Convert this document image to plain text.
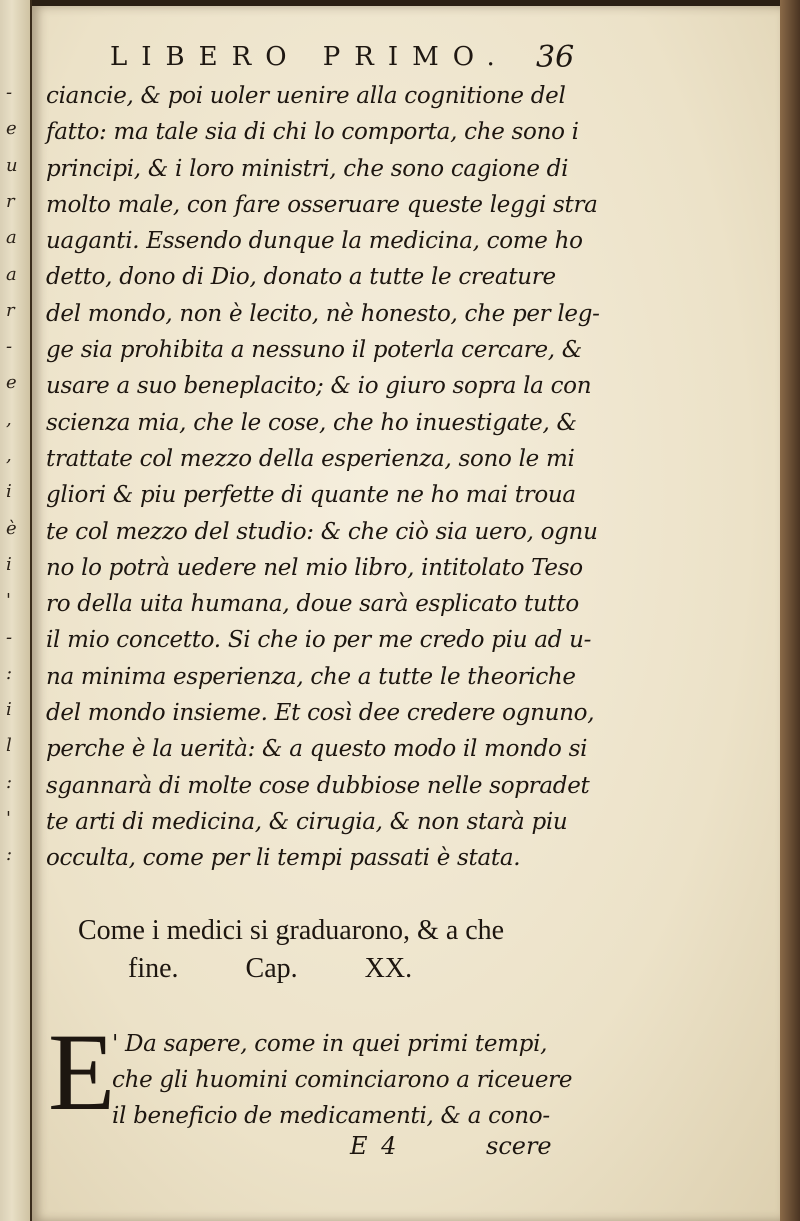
-
e
u
r
a
a
r
-
e
,
,
i
è
i
'
-
:
i
l
:
'
:
LIBERO PRIMO. 36
ciancie, & poi uoler uenire alla cognitione del
fatto: ma tale sia di chi lo comporta, che sono i
principi, & i loro ministri, che sono cagione di
molto male, con fare osseruare queste leggi stra
uaganti. Essendo dunque la medicina, come ho
detto, dono di Dio, donato a tutte le creature
del mondo, non è lecito, nè honesto, che per leg-
ge sia prohibita a nessuno il poterla cercare, &
usare a suo beneplacito; & io giuro sopra la con
scienza mia, che le cose, che ho inuestigate, &
trattate col mezzo della esperienza, sono le mi
gliori & piu perfette di quante ne ho mai troua
te col mezzo del studio: & che ciò sia uero, ognu
no lo potrà uedere nel mio libro, intitolato Teso
ro della uita humana, doue sarà esplicato tutto
il mio concetto. Si che io per me credo piu ad u-
na minima esperienza, che a tutte le theoriche
del mondo insieme. Et così dee credere ognuno,
perche è la uerità: & a questo modo il mondo si
sgannarà di molte cose dubbiose nelle sopradet
te arti di medicina, & cirugia, & non starà piu
occulta, come per li tempi passati è stata.
Come i medici si graduarono, & a che
fine. Cap. XX.
E
' Da sapere, come in quei primi tempi,
che gli huomini cominciarono a riceuere
il beneficio de medicamenti, & a cono-
E 4	scere
